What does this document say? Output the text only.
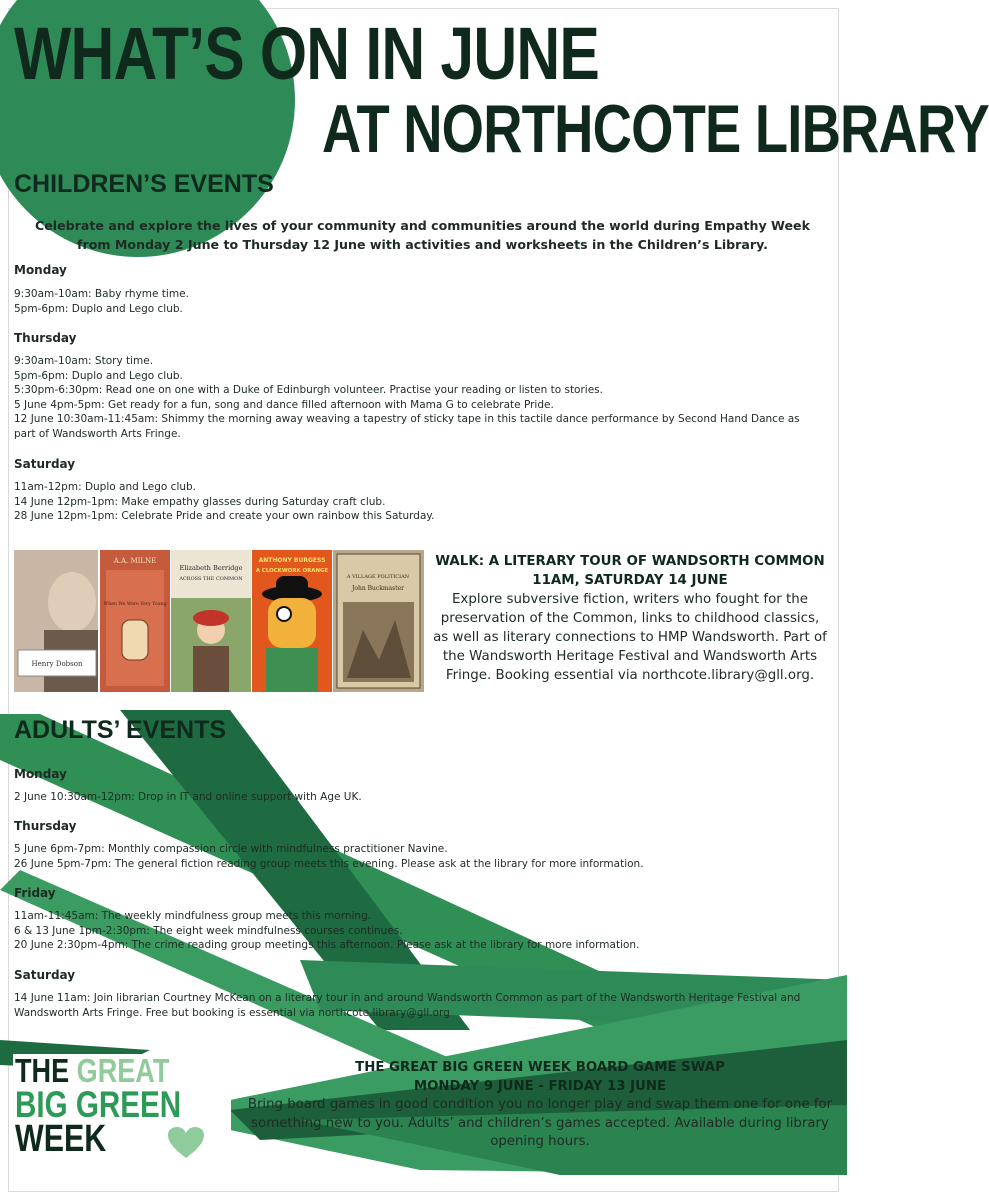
WHAT’S ON IN JUNE
AT NORTHCOTE LIBRARY
CHILDREN’S EVENTS
Celebrate and explore the lives of your community and communities around the world during Empathy Week from Monday 2 June to Thursday 12 June with activities and worksheets in the Children’s Library.
Monday
9:30am-10am: Baby rhyme time.
5pm-6pm: Duplo and Lego club.
Thursday
9:30am-10am: Story time.
5pm-6pm: Duplo and Lego club.
5:30pm-6:30pm: Read one on one with a Duke of Edinburgh volunteer. Practise your reading or listen to stories.
5 June 4pm-5pm: Get ready for a fun, song and dance filled afternoon with Mama G to celebrate Pride.
12 June 10:30am-11:45am: Shimmy the morning away weaving a tapestry of sticky tape in this tactile dance performance by Second Hand Dance as part of Wandsworth Arts Fringe.
Saturday
11am-12pm: Duplo and Lego club.
14 June 12pm-1pm: Make empathy glasses during Saturday craft club.
28 June 12pm-1pm: Celebrate Pride and create your own rainbow this Saturday.
Henry Dobson
A.A. MILNE
When We Were Very Young
Elizabeth Berridge
ACROSS THE COMMON
ANTHONY BURGESS
A CLOCKWORK ORANGE
A VILLAGE POLITICIAN
John Buckmaster
WALK: A LITERARY TOUR OF WANDSORTH COMMON
11AM, SATURDAY 14 JUNE
Explore subversive fiction, writers who fought for the preservation of the Common, links to childhood classics, as well as literary connections to HMP Wandsworth. Part of the Wandsworth Heritage Festival and Wandsworth Arts Fringe. Booking essential via northcote.library@gll.org.
ADULTS’ EVENTS
Monday
2 June 10:30am-12pm: Drop in IT and online support with Age UK.
Thursday
5 June 6pm-7pm: Monthly compassion circle with mindfulness practitioner Navine.
26 June 5pm-7pm: The general fiction reading group meets this evening. Please ask at the library for more information.
Friday
11am-11:45am: The weekly mindfulness group meets this morning.
6 & 13 June 1pm-2:30pm: The eight week mindfulness courses continues.
20 June 2:30pm-4pm: The crime reading group meetings this afternoon. Please ask at the library for more information.
Saturday
14 June 11am: Join librarian Courtney McKean on a literary tour in and around Wandsworth Common as part of the Wandsworth Heritage Festival and Wandsworth Arts Fringe. Free but booking is essential via northcote.library@gll.org
THE GREAT
BIG GREEN
WEEK
THE GREAT BIG GREEN WEEK BOARD GAME SWAP
MONDAY 9 JUNE - FRIDAY 13 JUNE
Bring board games in good condition you no longer play and swap them one for one for something new to you. Adults’ and children’s games accepted. Available during library opening hours.
